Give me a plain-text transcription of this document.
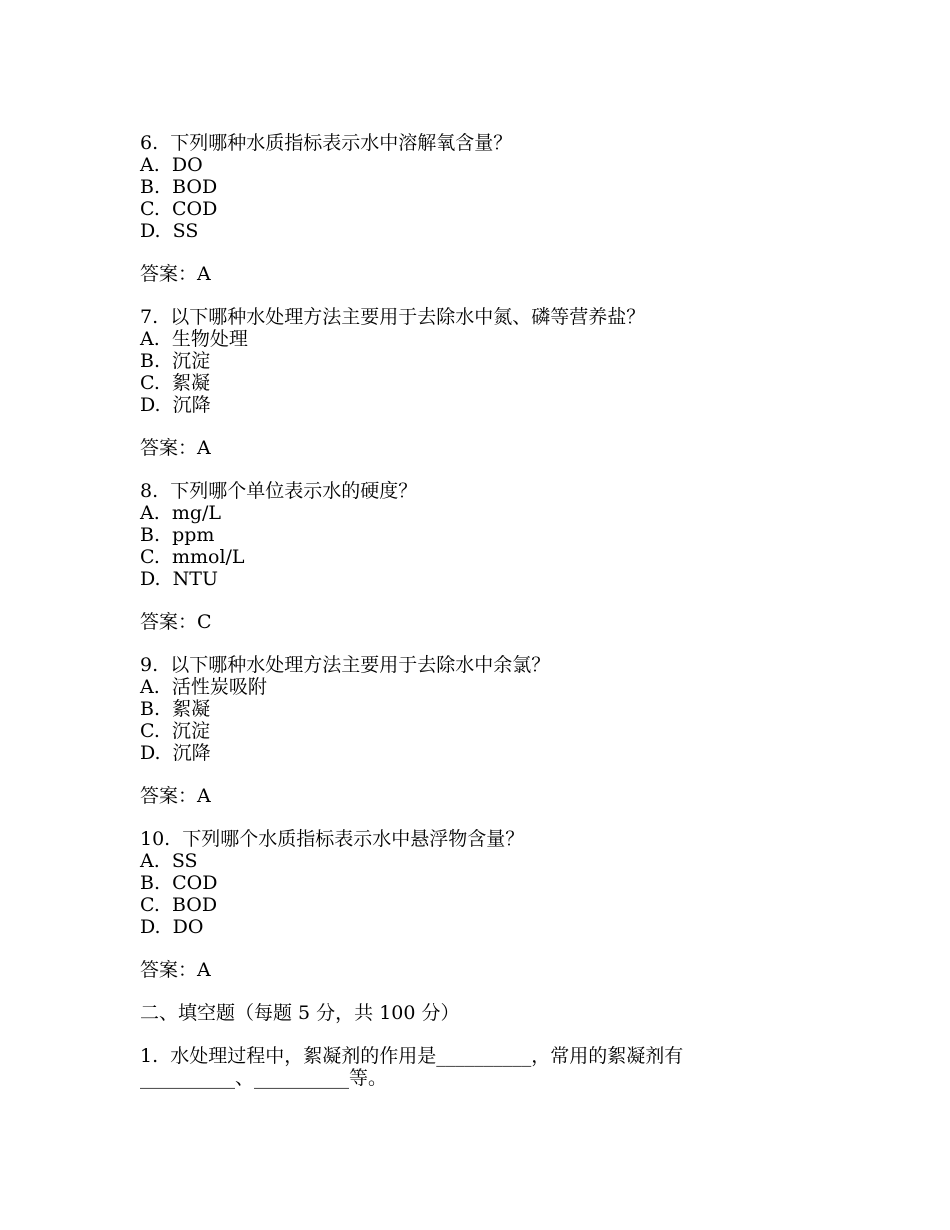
6.  下列哪种水质指标表示水中溶解氧含量？
A.  DO
B.  BOD
C.  COD
D.  SS
答案：A
7.  以下哪种水处理方法主要用于去除水中氮、磷等营养盐？
A.  生物处理
B.  沉淀
C.  絮凝
D.  沉降
答案：A
8.  下列哪个单位表示水的硬度？
A.  mg/L
B.  ppm
C.  mmol/L
D.  NTU
答案：C
9.  以下哪种水处理方法主要用于去除水中余氯？
A.  活性炭吸附
B.  絮凝
C.  沉淀
D.  沉降
答案：A
10.  下列哪个水质指标表示水中悬浮物含量？
A.  SS
B.  COD
C.  BOD
D.  DO
答案：A
二、填空题（每题 5 分，共 100 分）
1.  水处理过程中，絮凝剂的作用是__________，常用的絮凝剂有
__________、__________等。
